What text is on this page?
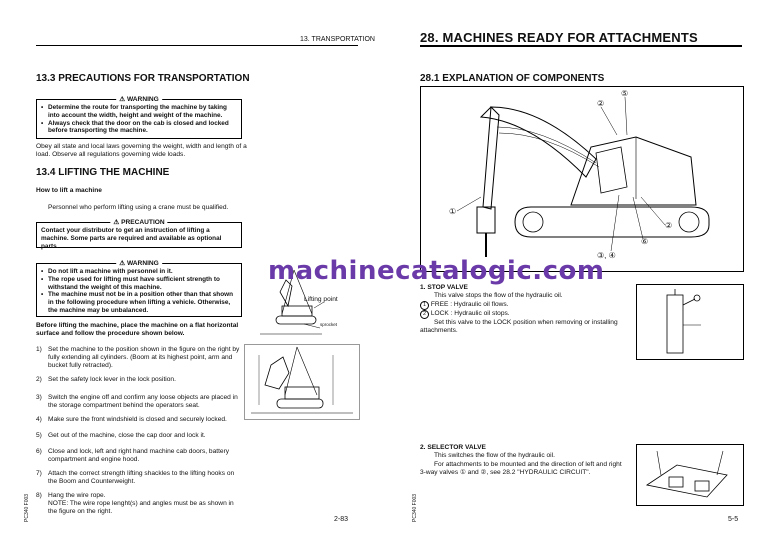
13. TRANSPORTATION
13.3 PRECAUTIONS FOR TRANSPORTATION
⚠ WARNING
• Determine the route for transporting the machine by taking into account the width, height and weight of the machine.
• Always check that the door on the cab is closed and locked before transporting the machine.
Obey all state and local laws governing the weight, width and length of a load. Observe all regulations governing wide loads.
13.4 LIFTING THE MACHINE
How to lift a machine
Personnel who perform lifting using a crane must be qualified.
⚠ PRECAUTION
Contact your distributor to get an instruction of lifting a machine. Some parts are required and available as optional parts.
⚠ WARNING
• Do not lift a machine with personnel in it.
• The rope used for lifting must have sufficient strength to withstand the weight of this machine.
• The machine must not be in a position other than that shown in the following procedure when lifting a vehicle. Otherwise, the machine may be unbalanced.
Before lifting the machine, place the machine on a flat horizontal surface and follow the procedure shown below.
Lifting point
sprocket
1) Set the machine to the position shown in the figure on the right by fully extending all cylinders. (Boom at its highest point, arm and bucket fully retracted).
2) Set the safety lock lever in the lock position.
3) Switch the engine off and confirm any loose objects are placed in the storage compartment behind the operators seat.
4) Make sure the front windshield is closed and securely locked.
5) Get out of the machine, close the cap door and lock it.
6) Close and lock, left and right hand machine cab doors, battery compartment and engine hood.
7) Attach the correct strength lifting shackles to the lifting hooks on the Boom and Counterweight.
8) Hang the wire rope.
NOTE: The wire rope lenght(s) and angles must be as shown in the figure on the right.
2-83
PC340 F003
28. MACHINES READY FOR ATTACHMENTS
28.1 EXPLANATION OF COMPONENTS
①
②
⑤
②
⑥
③, ④
1. STOP VALVE
This valve stops the flow of the hydraulic oil.
1 FREE : Hydraulic oil flows.
2 LOCK : Hydraulic oil stops.
Set this valve to the LOCK position when removing or installing attachments.
machinecatalogic.com
2. SELECTOR VALVE
This switches the flow of the hydraulic oil.
For attachments to be mounted and the direction of left and right 3-way valves ① and ②, see 28.2 "HYDRAULIC CIRCUIT".
5-5
PC340 F003
